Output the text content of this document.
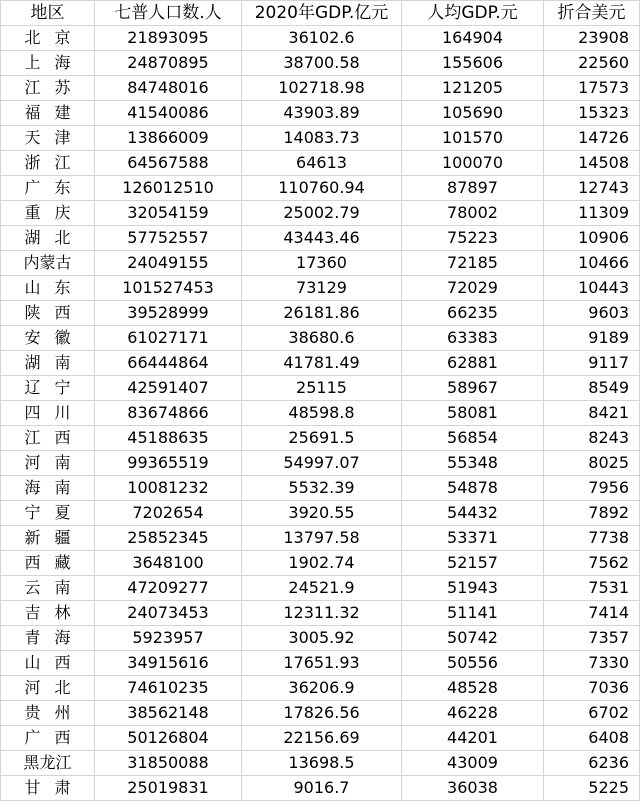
地区	七普人口数.人	2020年GDP.亿元	人均GDP.元	折合美元
北京	21893095	36102.6	164904	23908
上海	24870895	38700.58	155606	22560
江苏	84748016	102718.98	121205	17573
福建	41540086	43903.89	105690	15323
天津	13866009	14083.73	101570	14726
浙江	64567588	64613	100070	14508
广东	126012510	110760.94	87897	12743
重庆	32054159	25002.79	78002	11309
湖北	57752557	43443.46	75223	10906
内蒙古	24049155	17360	72185	10466
山东	101527453	73129	72029	10443
陕西	39528999	26181.86	66235	9603
安徽	61027171	38680.6	63383	9189
湖南	66444864	41781.49	62881	9117
辽宁	42591407	25115	58967	8549
四川	83674866	48598.8	58081	8421
江西	45188635	25691.5	56854	8243
河南	99365519	54997.07	55348	8025
海南	10081232	5532.39	54878	7956
宁夏	7202654	3920.55	54432	7892
新疆	25852345	13797.58	53371	7738
西藏	3648100	1902.74	52157	7562
云南	47209277	24521.9	51943	7531
吉林	24073453	12311.32	51141	7414
青海	5923957	3005.92	50742	7357
山西	34915616	17651.93	50556	7330
河北	74610235	36206.9	48528	7036
贵州	38562148	17826.56	46228	6702
广西	50126804	22156.69	44201	6408
黑龙江	31850088	13698.5	43009	6236
甘肃	25019831	9016.7	36038	5225
